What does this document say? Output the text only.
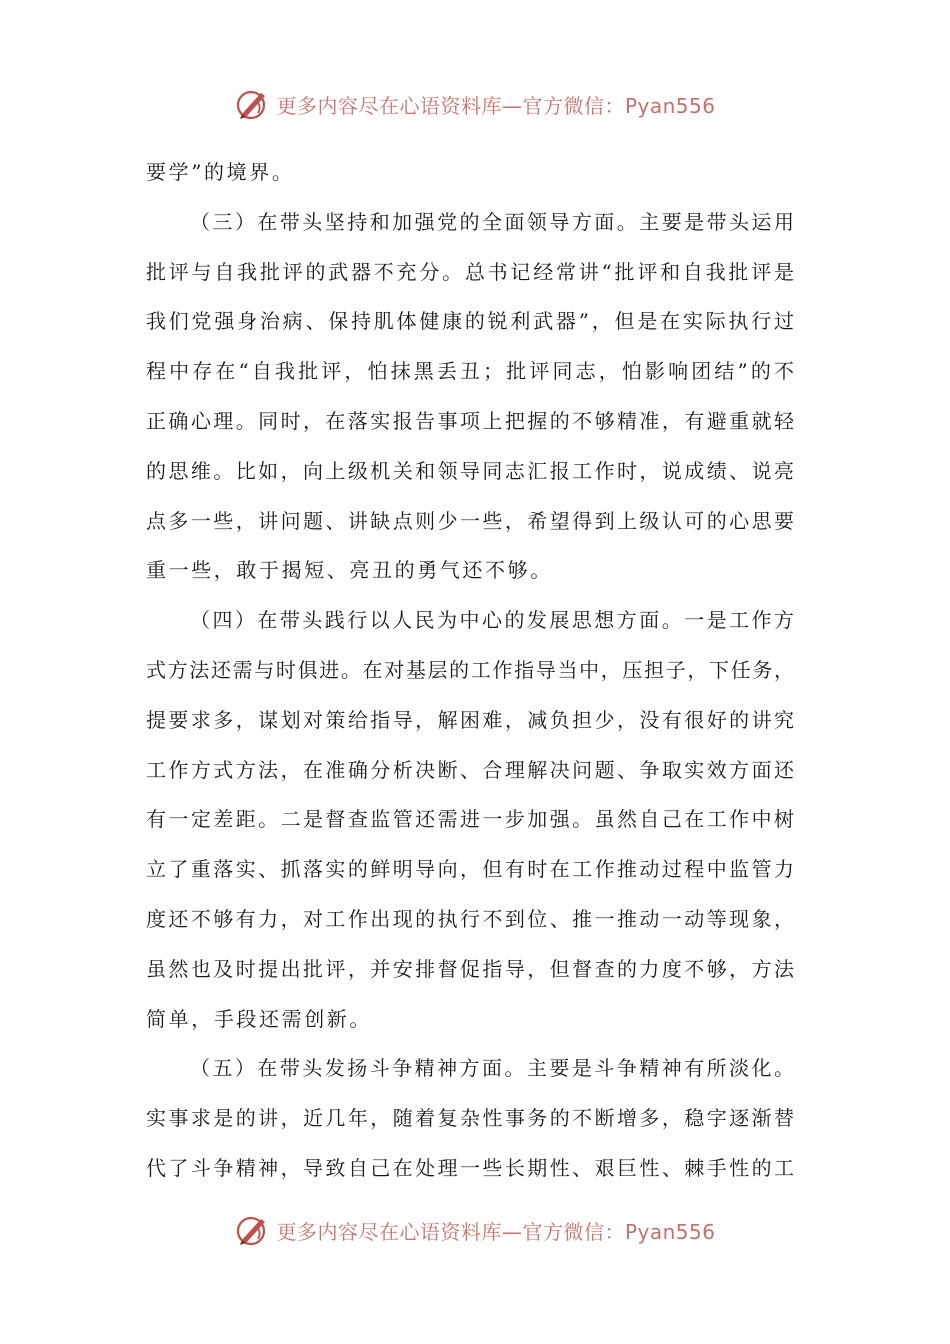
更多内容尽在心语资料库—官方微信：Pyan556
要学”的境界。
（三）在带头坚持和加强党的全面领导方面。主要是带头运用
批评与自我批评的武器不充分。总书记经常讲“批评和自我批评是
我们党强身治病、保持肌体健康的锐利武器”，但是在实际执行过
程中存在“自我批评，怕抹黑丢丑；批评同志，怕影响团结”的不
正确心理。同时，在落实报告事项上把握的不够精准，有避重就轻
的思维。比如，向上级机关和领导同志汇报工作时，说成绩、说亮
点多一些，讲问题、讲缺点则少一些，希望得到上级认可的心思要
重一些，敢于揭短、亮丑的勇气还不够。
（四）在带头践行以人民为中心的发展思想方面。一是工作方
式方法还需与时俱进。在对基层的工作指导当中，压担子，下任务，
提要求多，谋划对策给指导，解困难，减负担少，没有很好的讲究
工作方式方法，在准确分析决断、合理解决问题、争取实效方面还
有一定差距。二是督查监管还需进一步加强。虽然自己在工作中树
立了重落实、抓落实的鲜明导向，但有时在工作推动过程中监管力
度还不够有力，对工作出现的执行不到位、推一推动一动等现象，
虽然也及时提出批评，并安排督促指导，但督查的力度不够，方法
简单，手段还需创新。
（五）在带头发扬斗争精神方面。主要是斗争精神有所淡化。
实事求是的讲，近几年，随着复杂性事务的不断增多，稳字逐渐替
代了斗争精神，导致自己在处理一些长期性、艰巨性、棘手性的工
更多内容尽在心语资料库—官方微信：Pyan556
